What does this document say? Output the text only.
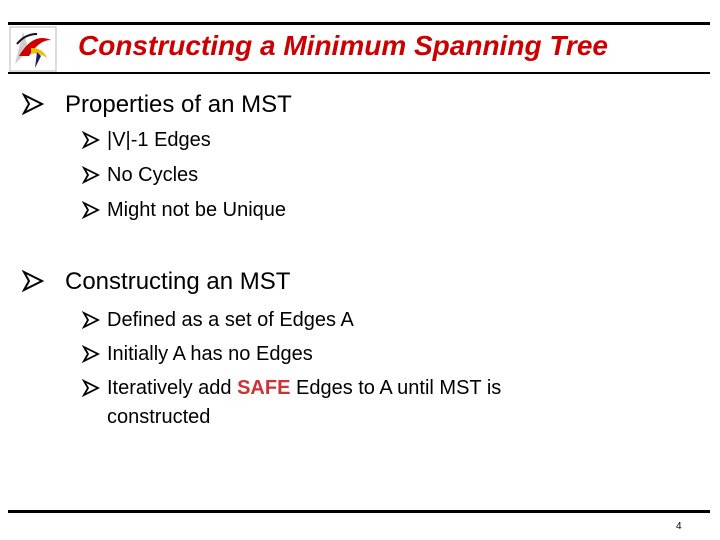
Constructing a Minimum Spanning Tree
Properties of an MST
|V|-1 Edges
No Cycles
Might not be Unique
Constructing an MST
Defined as a set of Edges A
Initially A has no Edges
Iteratively add SAFE Edges to A until MST is
constructed
4
